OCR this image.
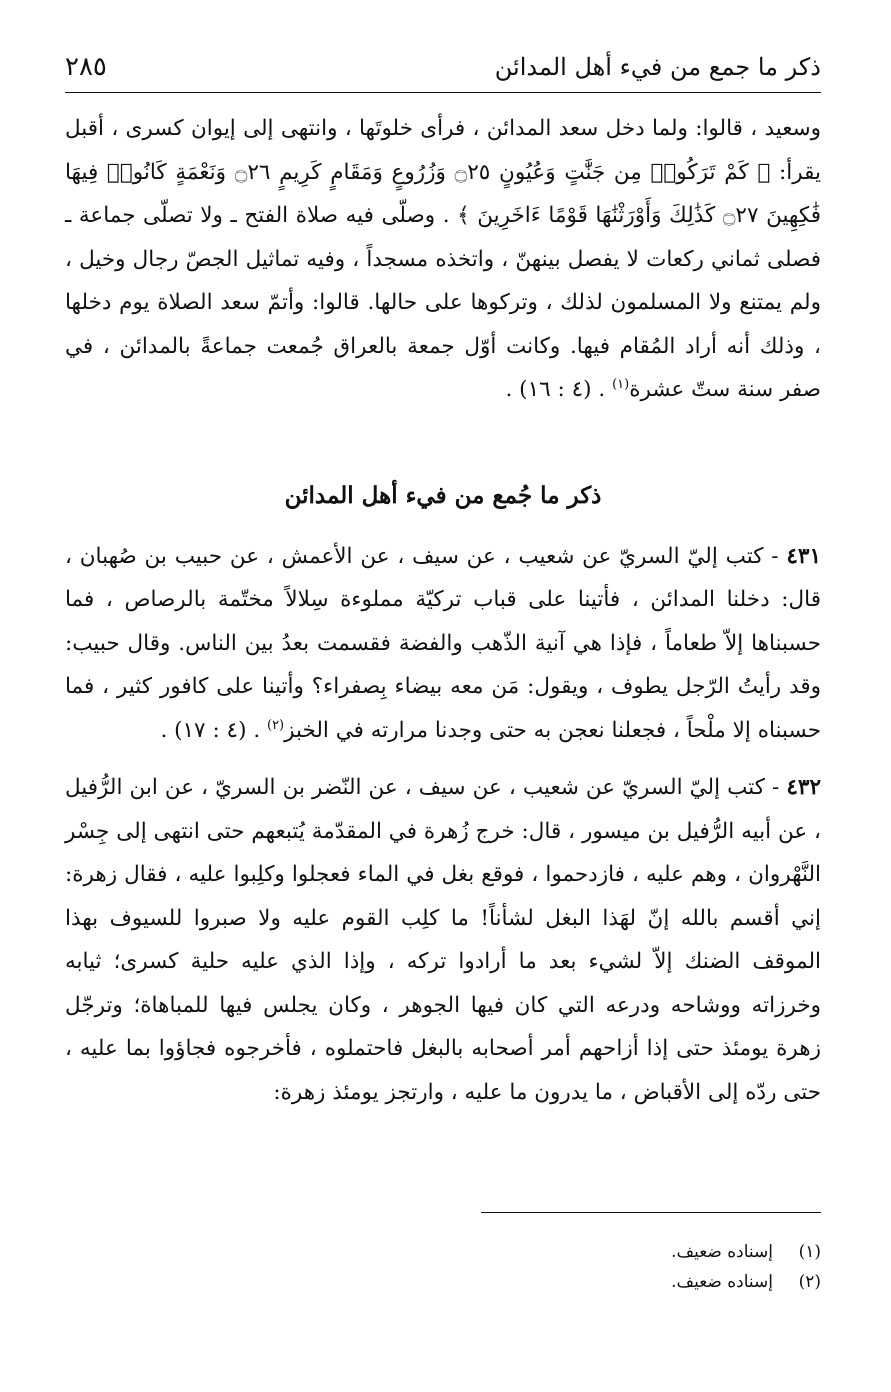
ذكر ما جمع من فيء أهل المدائن
٢٨٥

وسعيد ، قالوا: ولما دخل سعد المدائن ، فرأى خلوتَها ، وانتهى إلى إيوان كسرى ، أقبل يقرأ: ﴿ كَمْ تَرَكُوا۟ مِن جَنَّٰتٍ وَعُيُونٍ ۝٢٥ وَزُرُوعٍ وَمَقَامٍ كَرِيمٍ ۝٢٦ وَنَعْمَةٍ كَانُوا۟ فِيهَا فَٰكِهِينَ ۝٢٧ كَذَٰلِكَ وَأَوْرَثْنَٰهَا قَوْمًا ءَاخَرِينَ ﴾ . وصلّى فيه صلاة الفتح ـ ولا تصلّى جماعة ـ فصلى ثماني ركعات لا يفصل بينهنّ ، واتخذه مسجداً ، وفيه تماثيل الجصّ رجال وخيل ، ولم يمتنع ولا المسلمون لذلك ، وتركوها على حالها. قالوا: وأتمّ سعد الصلاة يوم دخلها ، وذلك أنه أراد المُقام فيها. وكانت أوّل جمعة بالعراق جُمعت جماعةً بالمدائن ، في صفر سنة ستّ عشرة$^{(١)}$ . (٤ : ١٦) .

ذكر ما جُمع من فيء أهل المدائن

٤٣١ - كتب إليّ السريّ عن شعيب ، عن سيف ، عن الأعمش ، عن حبيب بن صُهبان ، قال: دخلنا المدائن ، فأتينا على قباب تركيّة مملوءة سِلالاً مختّمة بالرصاص ، فما حسبناها إلاّ طعاماً ، فإذا هي آنية الذّهب والفضة فقسمت بعدُ بين الناس. وقال حبيب: وقد رأيتُ الرّجل يطوف ، ويقول: مَن معه بيضاء بِصفراء؟ وأتينا على كافور كثير ، فما حسبناه إلا ملْحاً ، فجعلنا نعجن به حتى وجدنا مرارته في الخبز$^{(٢)}$ . (٤ : ١٧) .

٤٣٢ - كتب إليّ السريّ عن شعيب ، عن سيف ، عن النّضر بن السريّ ، عن ابن الرُّفيل ، عن أبيه الرُّفيل بن ميسور ، قال: خرج زُهرة في المقدّمة يُتبعهم حتى انتهى إلى جِسْر النَّهْروان ، وهم عليه ، فازدحموا ، فوقع بغل في الماء فعجلوا وكلِبوا عليه ، فقال زهرة: إني أقسم بالله إنّ لهَذا البغل لشأناً! ما كلِب القوم عليه ولا صبروا للسيوف بهذا الموقف الضنك إلاّ لشيء بعد ما أرادوا تركه ، وإذا الذي عليه حلية كسرى؛ ثيابه وخرزاته ووشاحه ودرعه التي كان فيها الجوهر ، وكان يجلس فيها للمباهاة؛ وترجّل زهرة يومئذ حتى إذا أزاحهم أمر أصحابه بالبغل فاحتملوه ، فأخرجوه فجاؤوا بما عليه ، حتى ردّه إلى الأقباض ، ما يدرون ما عليه ، وارتجز يومئذ زهرة:

(١)
إسناده ضعيف.
(٢)
إسناده ضعيف.
